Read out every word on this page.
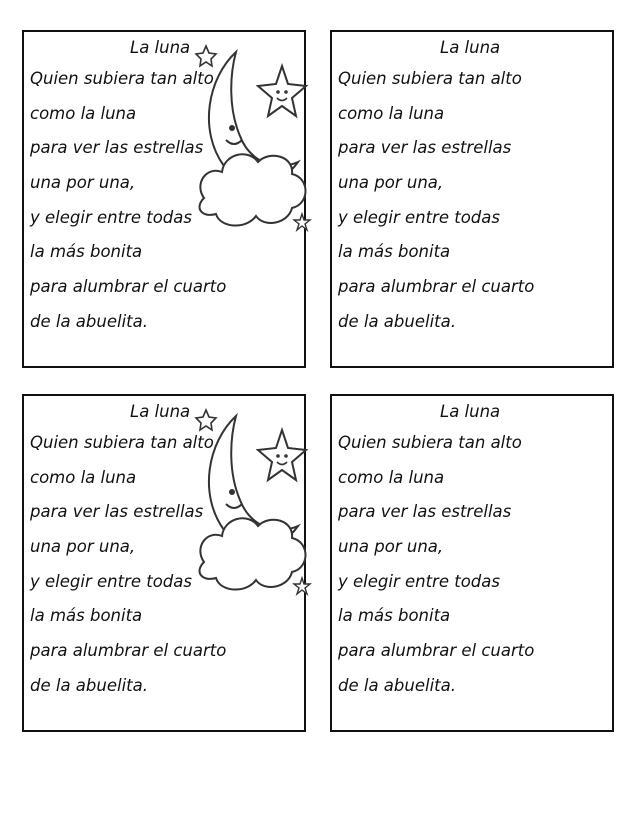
La luna
Quien subiera tan alto
como la luna
para ver las estrellas
una por una,
y elegir entre todas
la más bonita
para alumbrar el cuarto
de la abuelita.
La luna
Quien subiera tan alto
como la luna
para ver las estrellas
una por una,
y elegir entre todas
la más bonita
para alumbrar el cuarto
de la abuelita.
La luna
Quien subiera tan alto
como la luna
para ver las estrellas
una por una,
y elegir entre todas
la más bonita
para alumbrar el cuarto
de la abuelita.
La luna
Quien subiera tan alto
como la luna
para ver las estrellas
una por una,
y elegir entre todas
la más bonita
para alumbrar el cuarto
de la abuelita.
